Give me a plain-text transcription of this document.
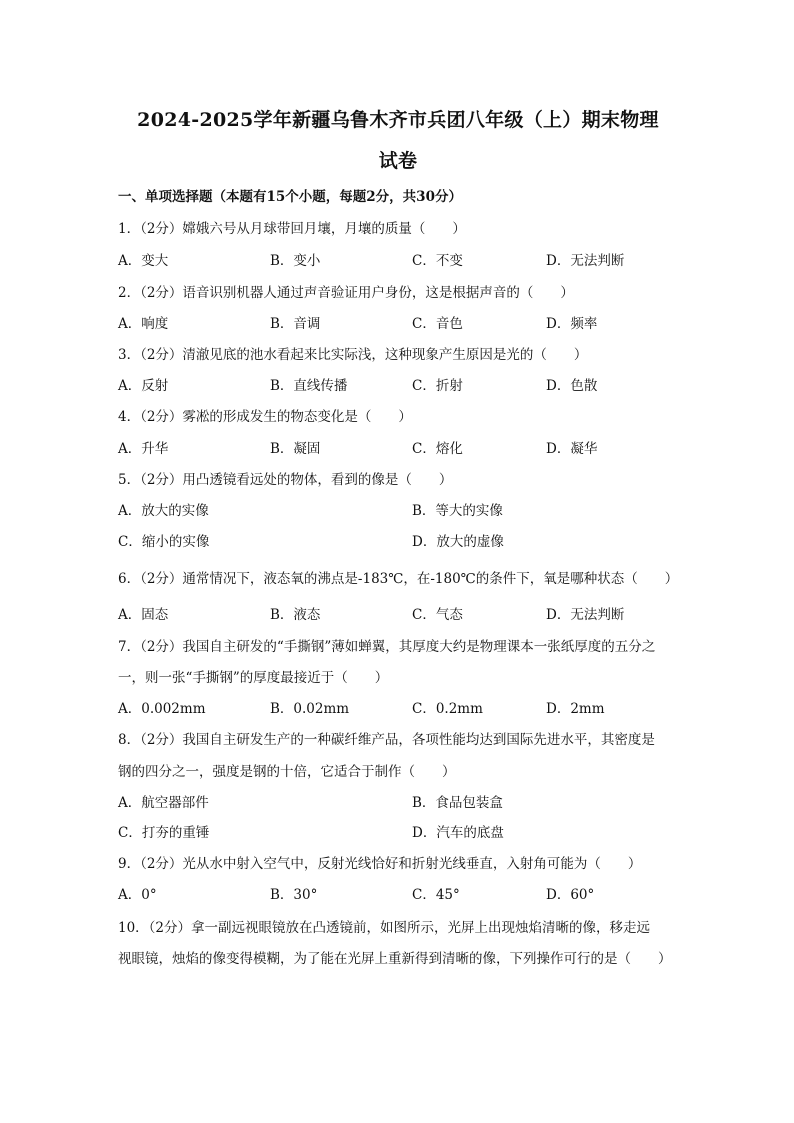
2024-2025学年新疆乌鲁木齐市兵团八年级（上）期末物理
试卷
一、单项选择题（本题有15个小题，每题2分，共30分）
1．（2分）嫦娥六号从月球带回月壤，月壤的质量（　　）
A．变大	B．变小	C．不变	D．无法判断
2．（2分）语音识别机器人通过声音验证用户身份，这是根据声音的（　　）
A．响度	B．音调	C．音色	D．频率
3．（2分）清澈见底的池水看起来比实际浅，这种现象产生原因是光的（　　）
A．反射	B．直线传播	C．折射	D．色散
4．（2分）雾凇的形成发生的物态变化是（　　）
A．升华	B．凝固	C．熔化	D．凝华
5．（2分）用凸透镜看远处的物体，看到的像是（　　）
A．放大的实像	B．等大的实像
C．缩小的实像	D．放大的虚像
6．（2分）通常情况下，液态氧的沸点是-183℃，在-180℃的条件下，氧是哪种状态（　　）
A．固态	B．液态	C．气态	D．无法判断
7．（2分）我国自主研发的“手撕钢”薄如蝉翼，其厚度大约是物理课本一张纸厚度的五分之
一，则一张“手撕钢”的厚度最接近于（　　）
A．0.002mm	B．0.02mm	C．0.2mm	D．2mm
8．（2分）我国自主研发生产的一种碳纤维产品，各项性能均达到国际先进水平，其密度是
钢的四分之一，强度是钢的十倍，它适合于制作（　　）
A．航空器部件	B．食品包装盒
C．打夯的重锤	D．汽车的底盘
9．（2分）光从水中射入空气中，反射光线恰好和折射光线垂直，入射角可能为（　　）
A．0°	B．30°	C．45°	D．60°
10．（2分）拿一副远视眼镜放在凸透镜前，如图所示，光屏上出现烛焰清晰的像，移走远
视眼镜，烛焰的像变得模糊，为了能在光屏上重新得到清晰的像，下列操作可行的是（　　）
